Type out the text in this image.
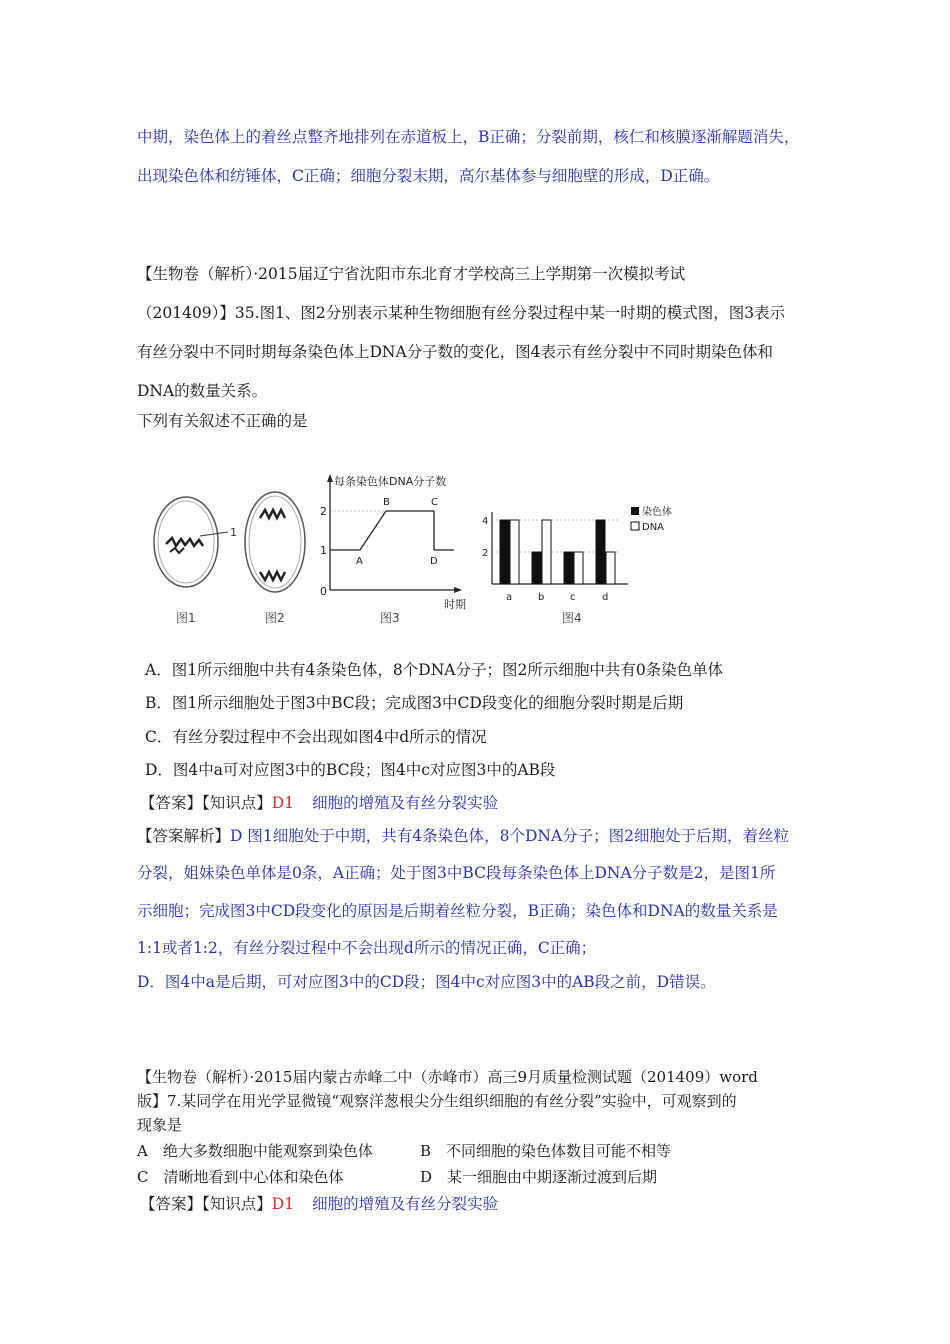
中期，染色体上的着丝点整齐地排列在赤道板上，B正确；分裂前期，核仁和核膜逐渐解题消失，
出现染色体和纺锤体，C正确；细胞分裂末期，高尔基体参与细胞壁的形成，D正确。
【生物卷（解析）·2015届辽宁省沈阳市东北育才学校高三上学期第一次模拟考试
（201409）】35.图1、图2分别表示某种生物细胞有丝分裂过程中某一时期的模式图，图3表示
有丝分裂中不同时期每条染色体上DNA分子数的变化，图4表示有丝分裂中不同时期染色体和
DNA的数量关系。
下列有关叙述不正确的是
1
图1	图2
每条染色体DNA分子数
0
1
2
A
B	C
D
时期
图3
2
4
染色体
DNA
图4
a	b	c	d
A．图1所示细胞中共有4条染色体，8个DNA分子；图2所示细胞中共有0条染色单体
B．图1所示细胞处于图3中BC段；完成图3中CD段变化的细胞分裂时期是后期
C．有丝分裂过程中不会出现如图4中d所示的情况
D．图4中a可对应图3中的BC段；图4中c对应图3中的AB段
【答案】【知识点】D1 细胞的增殖及有丝分裂实验
【答案解析】D 图1细胞处于中期，共有4条染色体，8个DNA分子；图2细胞处于后期，着丝粒
分裂，姐妹染色单体是0条，A正确；处于图3中BC段每条染色体上DNA分子数是2，是图1所
示细胞；完成图3中CD段变化的原因是后期着丝粒分裂，B正确；染色体和DNA的数量关系是
1:1或者1:2，有丝分裂过程中不会出现d所示的情况正确，C正确；
D．图4中a是后期，可对应图3中的CD段；图4中c对应图3中的AB段之前，D错误。
【生物卷（解析）·2015届内蒙古赤峰二中（赤峰市）高三9月质量检测试题（201409）word
版】7.某同学在用光学显微镜“观察洋葱根尖分生组织细胞的有丝分裂”实验中，可观察到的
现象是
A　绝大多数细胞中能观察到染色体	B　不同细胞的染色体数目可能不相等
C　清晰地看到中心体和染色体	D　某一细胞由中期逐渐过渡到后期
【答案】【知识点】D1 细胞的增殖及有丝分裂实验
